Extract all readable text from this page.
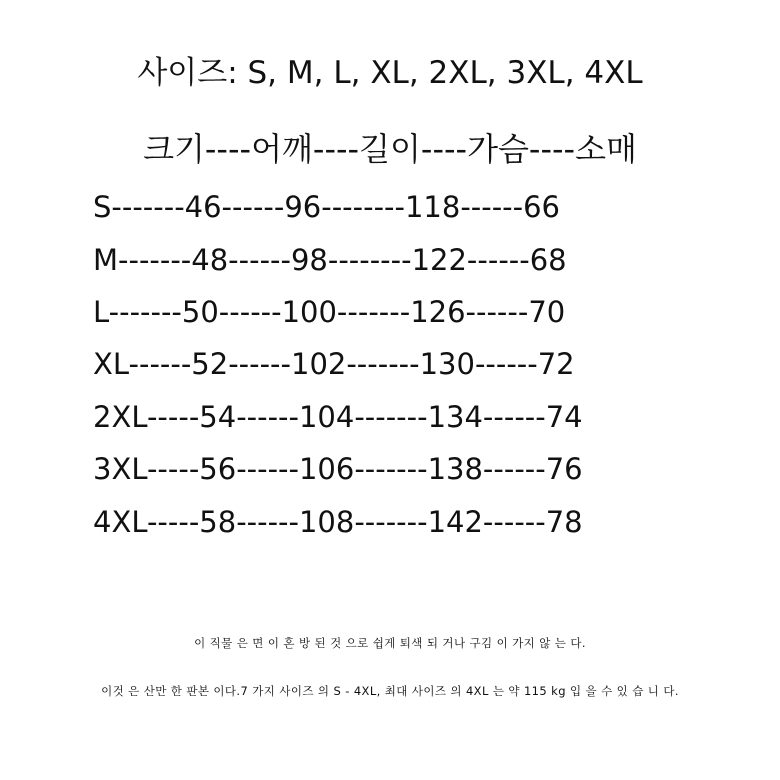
사이즈: S, M, L, XL, 2XL, 3XL, 4XL
크기----어깨----길이----가슴----소매
S-------46------96--------118------66
M-------48------98--------122------68
L-------50------100-------126------70
XL------52------102-------130------72
2XL-----54------104-------134------74
3XL-----56------106-------138------76
4XL-----58------108-------142------78
이 직물 은 면 이 혼 방 된 것 으로 쉽게 퇴색 되 거나 구김 이 가지 않 는 다.
이것 은 산만 한 판본 이다.7 가지 사이즈 의 S - 4XL, 최대 사이즈 의 4XL 는 약 115 kg 입 을 수 있 습 니 다.
